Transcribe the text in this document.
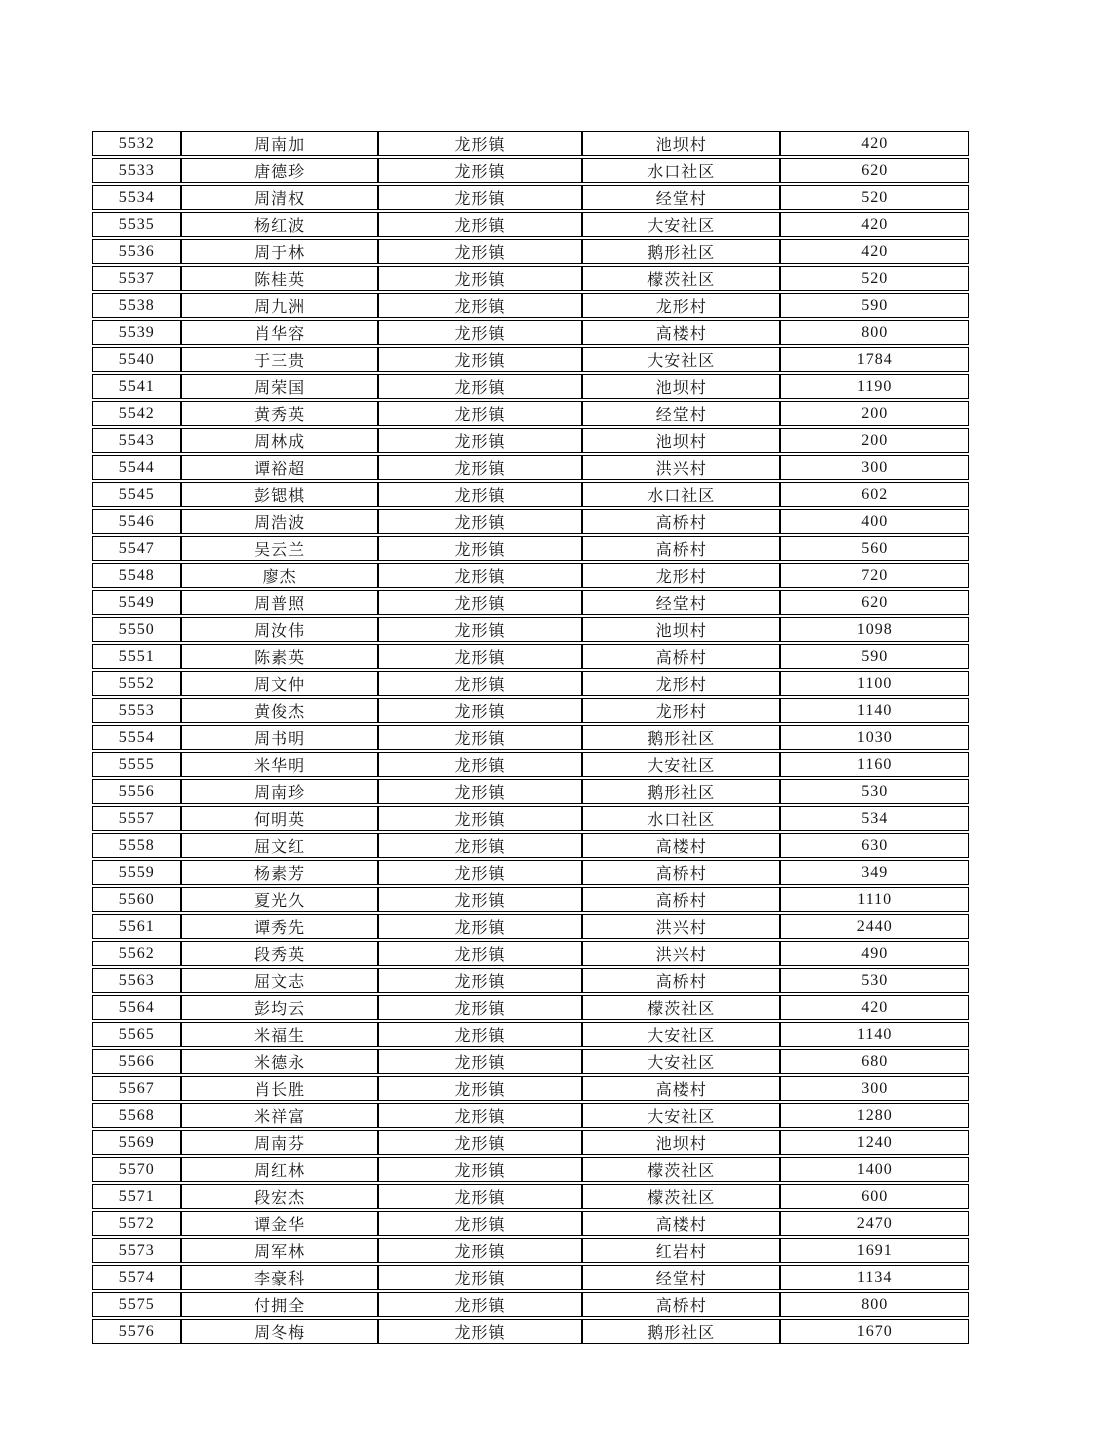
5532	周南加	龙形镇	池坝村	420
5533	唐德珍	龙形镇	水口社区	620
5534	周清权	龙形镇	经堂村	520
5535	杨红波	龙形镇	大安社区	420
5536	周于林	龙形镇	鹅形社区	420
5537	陈桂英	龙形镇	檬茨社区	520
5538	周九洲	龙形镇	龙形村	590
5539	肖华容	龙形镇	高楼村	800
5540	于三贵	龙形镇	大安社区	1784
5541	周荣国	龙形镇	池坝村	1190
5542	黄秀英	龙形镇	经堂村	200
5543	周林成	龙形镇	池坝村	200
5544	谭裕超	龙形镇	洪兴村	300
5545	彭锶棋	龙形镇	水口社区	602
5546	周浩波	龙形镇	高桥村	400
5547	吴云兰	龙形镇	高桥村	560
5548	廖杰	龙形镇	龙形村	720
5549	周普照	龙形镇	经堂村	620
5550	周汝伟	龙形镇	池坝村	1098
5551	陈素英	龙形镇	高桥村	590
5552	周文仲	龙形镇	龙形村	1100
5553	黄俊杰	龙形镇	龙形村	1140
5554	周书明	龙形镇	鹅形社区	1030
5555	米华明	龙形镇	大安社区	1160
5556	周南珍	龙形镇	鹅形社区	530
5557	何明英	龙形镇	水口社区	534
5558	屈文红	龙形镇	高楼村	630
5559	杨素芳	龙形镇	高桥村	349
5560	夏光久	龙形镇	高桥村	1110
5561	谭秀先	龙形镇	洪兴村	2440
5562	段秀英	龙形镇	洪兴村	490
5563	屈文志	龙形镇	高桥村	530
5564	彭均云	龙形镇	檬茨社区	420
5565	米福生	龙形镇	大安社区	1140
5566	米德永	龙形镇	大安社区	680
5567	肖长胜	龙形镇	高楼村	300
5568	米祥富	龙形镇	大安社区	1280
5569	周南芬	龙形镇	池坝村	1240
5570	周红林	龙形镇	檬茨社区	1400
5571	段宏杰	龙形镇	檬茨社区	600
5572	谭金华	龙形镇	高楼村	2470
5573	周军林	龙形镇	红岩村	1691
5574	李豪科	龙形镇	经堂村	1134
5575	付拥全	龙形镇	高桥村	800
5576	周冬梅	龙形镇	鹅形社区	1670
